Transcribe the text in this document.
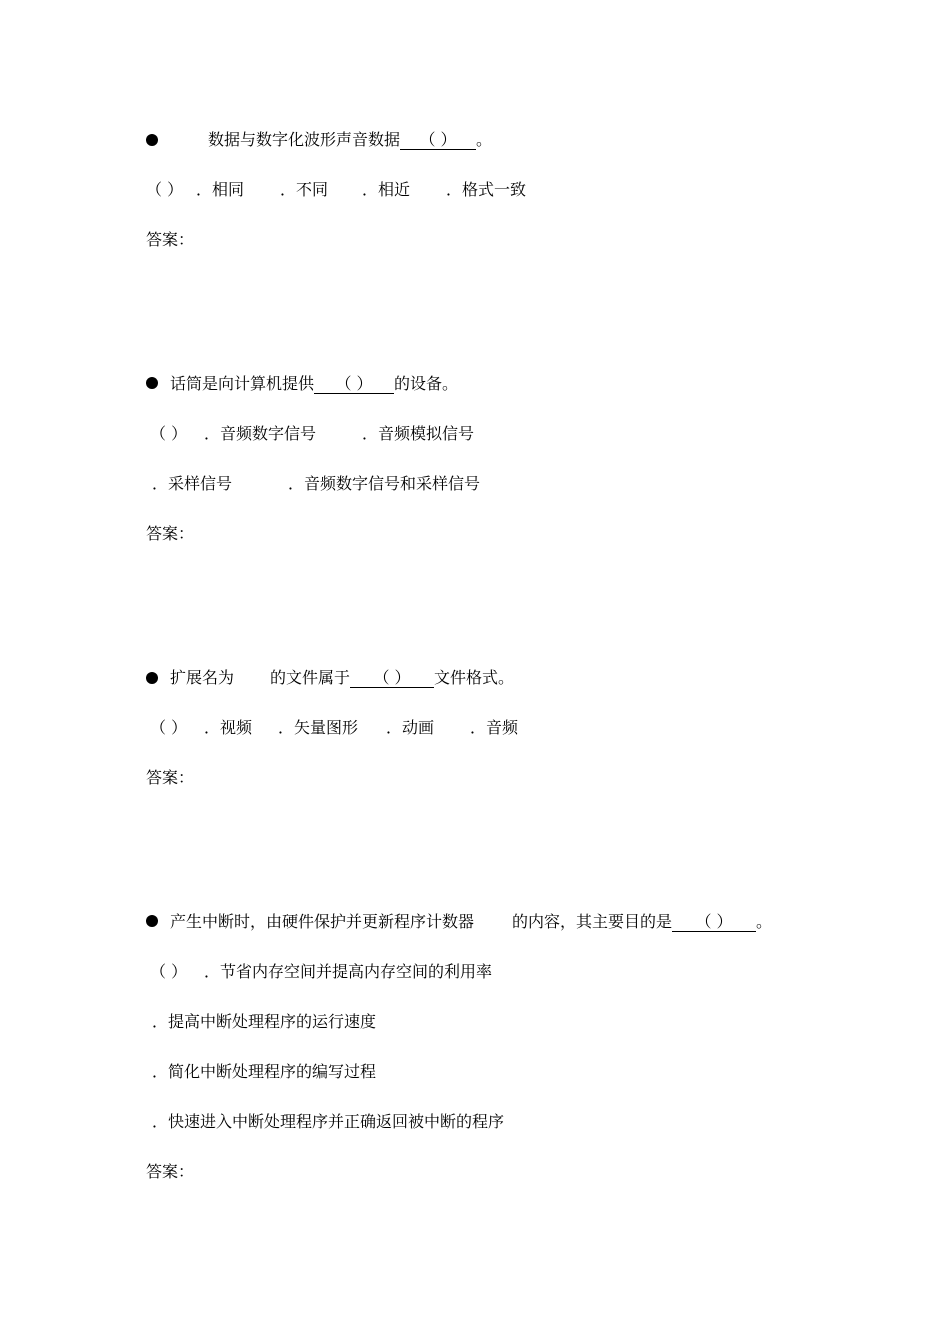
数据与数字化波形声音数据 （ ） 。
（ ） ．相同 ．不同 ．相近 ．格式一致
答案：
话筒是向计算机提供 （ ） 的设备。
（ ） ．音频数字信号	．音频模拟信号
．采样信号	．音频数字信号和采样信号
答案：
扩展名为 的文件属于 （ ） 文件格式。
（ ） ．视频 ．矢量图形 ．动画 ．音频
答案：
产生中断时，由硬件保护并更新程序计数器 的内容，其主要目的是 （ ） 。
（ ） ．节省内存空间并提高内存空间的利用率
．提高中断处理程序的运行速度
．简化中断处理程序的编写过程
．快速进入中断处理程序并正确返回被中断的程序
答案：
